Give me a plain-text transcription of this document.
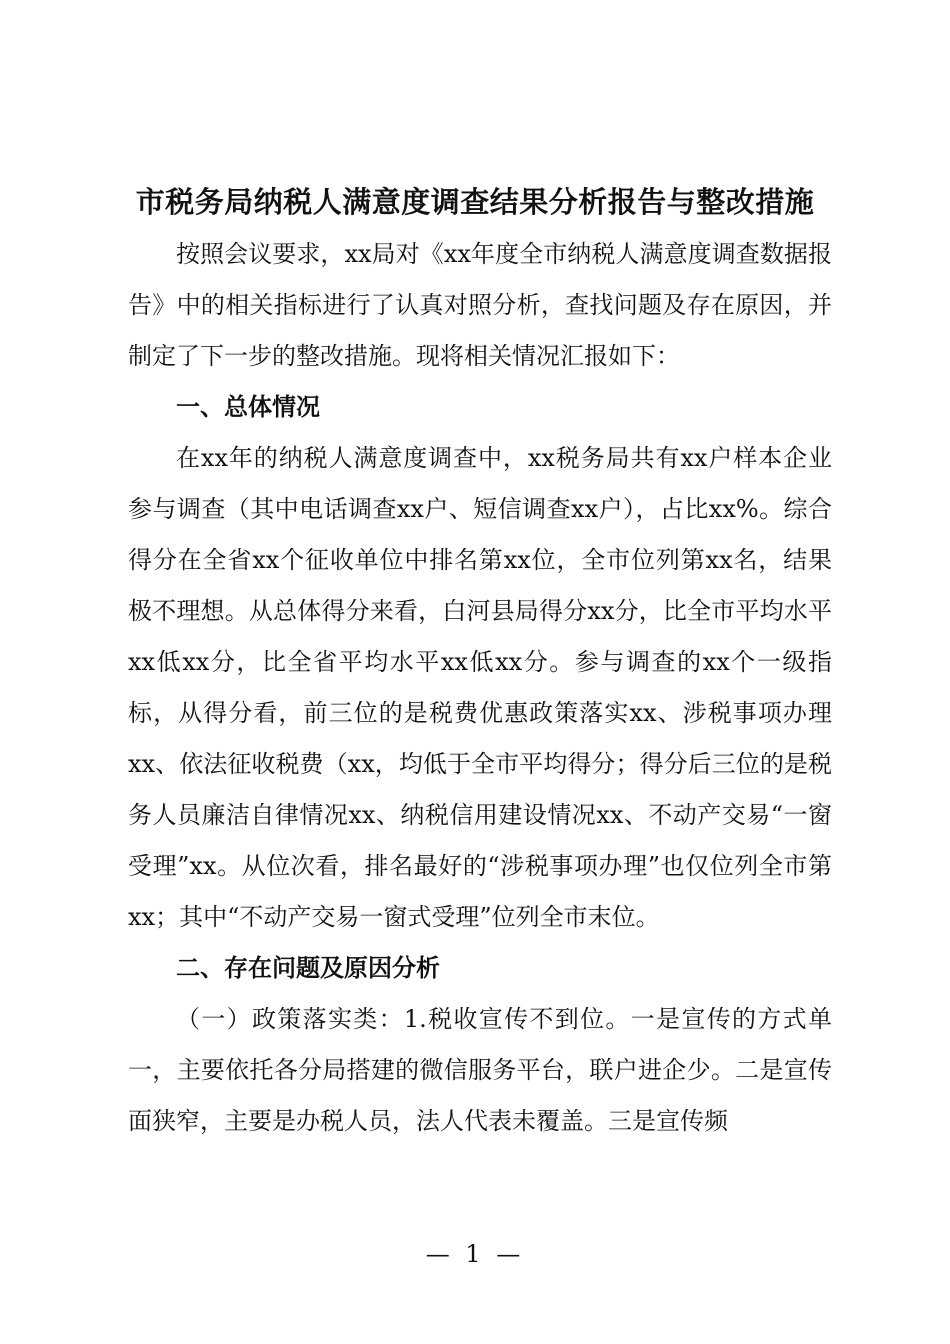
市税务局纳税人满意度调查结果分析报告与整改措施

按照会议要求，xx局对《xx年度全市纳税人满意度调查数据报告》中的相关指标进行了认真对照分析，查找问题及存在原因，并制定了下一步的整改措施。现将相关情况汇报如下：

一、总体情况

在xx年的纳税人满意度调查中，xx税务局共有xx户样本企业参与调查（其中电话调查xx户、短信调查xx户），占比xx%。综合得分在全省xx个征收单位中排名第xx位，全市位列第xx名，结果极不理想。从总体得分来看，白河县局得分xx分，比全市平均水平xx低xx分，比全省平均水平xx低xx分。参与调查的xx个一级指标，从得分看，前三位的是税费优惠政策落实xx、涉税事项办理xx、依法征收税费（xx，均低于全市平均得分；得分后三位的是税务人员廉洁自律情况xx、纳税信用建设情况xx、不动产交易“一窗受理”xx。从位次看，排名最好的“涉税事项办理”也仅位列全市第xx；其中“不动产交易一窗式受理”位列全市末位。

二、存在问题及原因分析

（一）政策落实类：1.税收宣传不到位。一是宣传的方式单一，主要依托各分局搭建的微信服务平台，联户进企少。二是宣传面狭窄，主要是办税人员，法人代表未覆盖。三是宣传频

— 1 —
